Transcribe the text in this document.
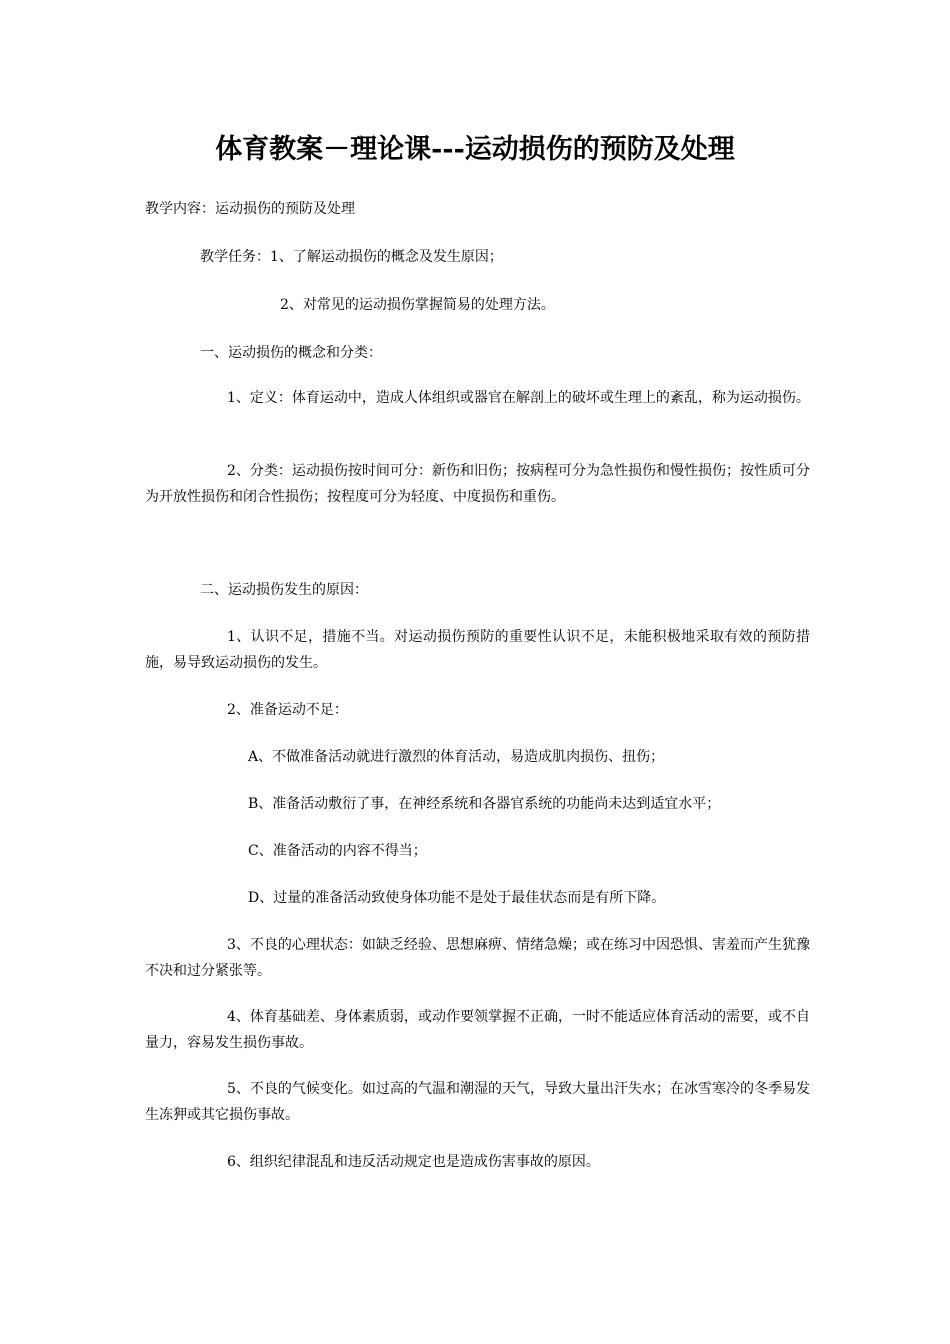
体育教案－理论课---运动损伤的预防及处理
教学内容：运动损伤的预防及处理
教学任务：1、了解运动损伤的概念及发生原因；
2、对常见的运动损伤掌握简易的处理方法。
一、运动损伤的概念和分类：
1、定义：体育运动中，造成人体组织或器官在解剖上的破坏或生理上的紊乱，称为运动损伤。
2、分类：运动损伤按时间可分：新伤和旧伤；按病程可分为急性损伤和慢性损伤；按性质可分为开放性损伤和闭合性损伤；按程度可分为轻度、中度损伤和重伤。
二、运动损伤发生的原因：
1、认识不足，措施不当。对运动损伤预防的重要性认识不足，未能积极地采取有效的预防措施，易导致运动损伤的发生。
2、准备运动不足：
A、不做准备活动就进行激烈的体育活动，易造成肌肉损伤、扭伤；
B、准备活动敷衍了事，在神经系统和各器官系统的功能尚未达到适宜水平；
C、准备活动的内容不得当；
D、过量的准备活动致使身体功能不是处于最佳状态而是有所下降。
3、不良的心理状态：如缺乏经验、思想麻痹、情绪急燥；或在练习中因恐惧、害羞而产生犹豫不决和过分紧张等。
4、体育基础差、身体素质弱，或动作要领掌握不正确，一时不能适应体育活动的需要，或不自量力，容易发生损伤事故。
5、不良的气候变化。如过高的气温和潮湿的天气，导致大量出汗失水；在冰雪寒冷的冬季易发生冻狎或其它损伤事故。
6、组织纪律混乱和违反活动规定也是造成伤害事故的原因。
